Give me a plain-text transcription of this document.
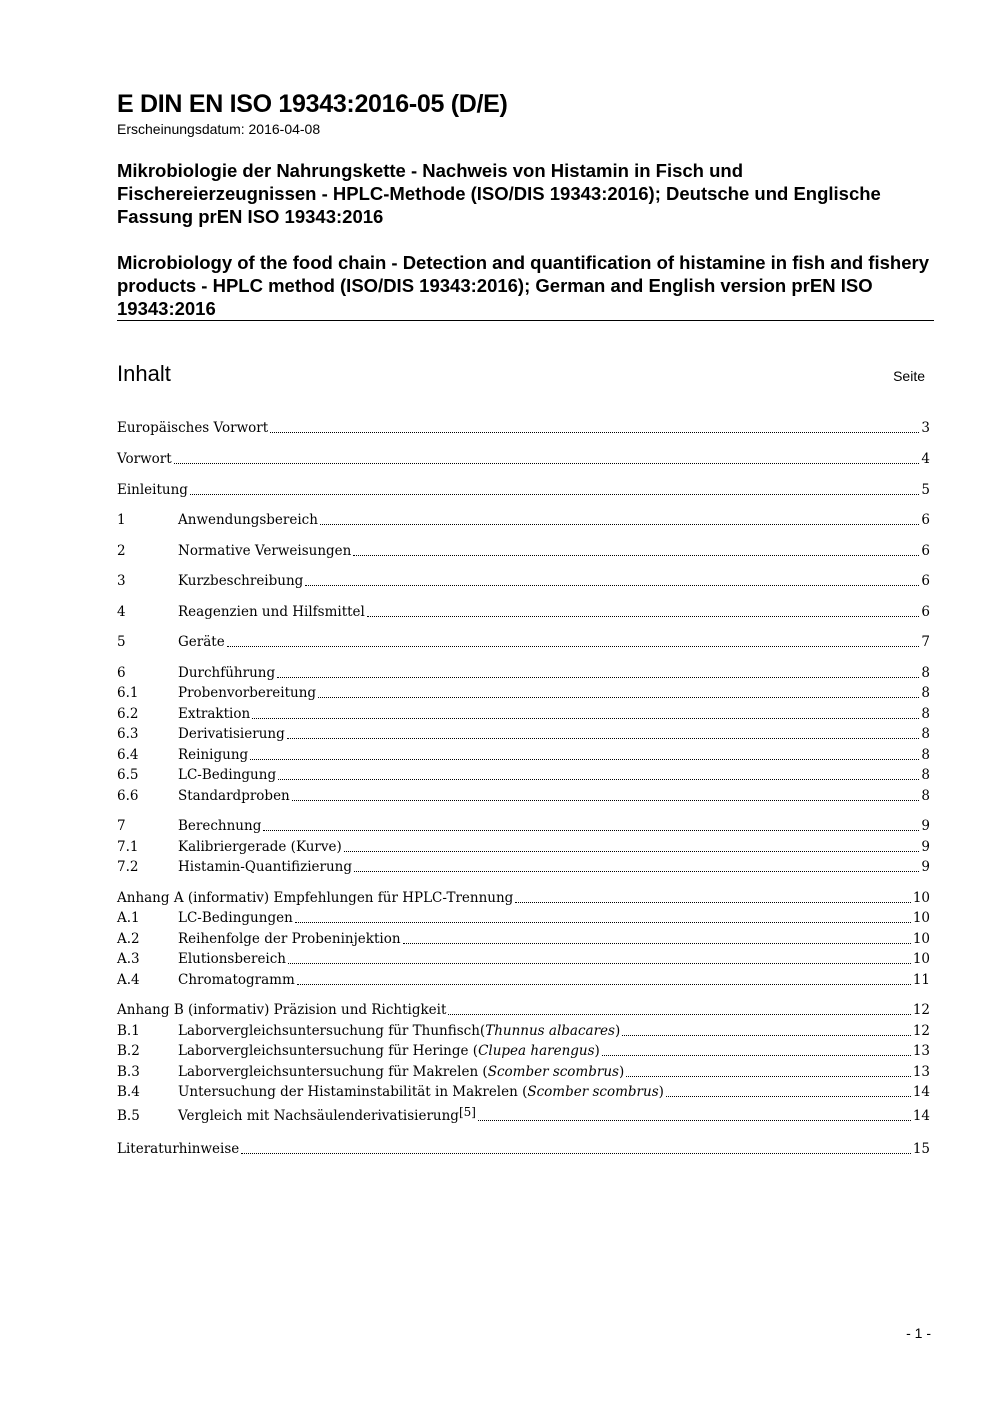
E DIN EN ISO 19343:2016-05 (D/E)
Erscheinungsdatum: 2016-04-08
Mikrobiologie der Nahrungskette - Nachweis von Histamin in Fisch und Fischereierzeugnissen - HPLC-Methode (ISO/DIS 19343:2016); Deutsche und Englische Fassung prEN ISO 19343:2016
Microbiology of the food chain - Detection and quantification of histamine in fish and fishery products - HPLC method (ISO/DIS 19343:2016); German and English version prEN ISO 19343:2016
Inhalt	Seite
Europäisches Vorwort	3
Vorwort	4
Einleitung	5
1	Anwendungsbereich	6
2	Normative Verweisungen	6
3	Kurzbeschreibung	6
4	Reagenzien und Hilfsmittel	6
5	Geräte	7
6	Durchführung	8
6.1	Probenvorbereitung	8
6.2	Extraktion	8
6.3	Derivatisierung	8
6.4	Reinigung	8
6.5	LC-Bedingung	8
6.6	Standardproben	8
7	Berechnung	9
7.1	Kalibriergerade (Kurve)	9
7.2	Histamin-Quantifizierung	9
Anhang A (informativ) Empfehlungen für HPLC-Trennung	10
A.1	LC-Bedingungen	10
A.2	Reihenfolge der Probeninjektion	10
A.3	Elutionsbereich	10
A.4	Chromatogramm	11
Anhang B (informativ) Präzision und Richtigkeit	12
B.1	Laborvergleichsuntersuchung für Thunfisch(Thunnus albacares)	12
B.2	Laborvergleichsuntersuchung für Heringe (Clupea harengus)	13
B.3	Laborvergleichsuntersuchung für Makrelen (Scomber scombrus)	13
B.4	Untersuchung der Histaminstabilität in Makrelen (Scomber scombrus)	14
B.5	Vergleich mit Nachsäulenderivatisierung[5]	14
Literaturhinweise	15
- 1 -
